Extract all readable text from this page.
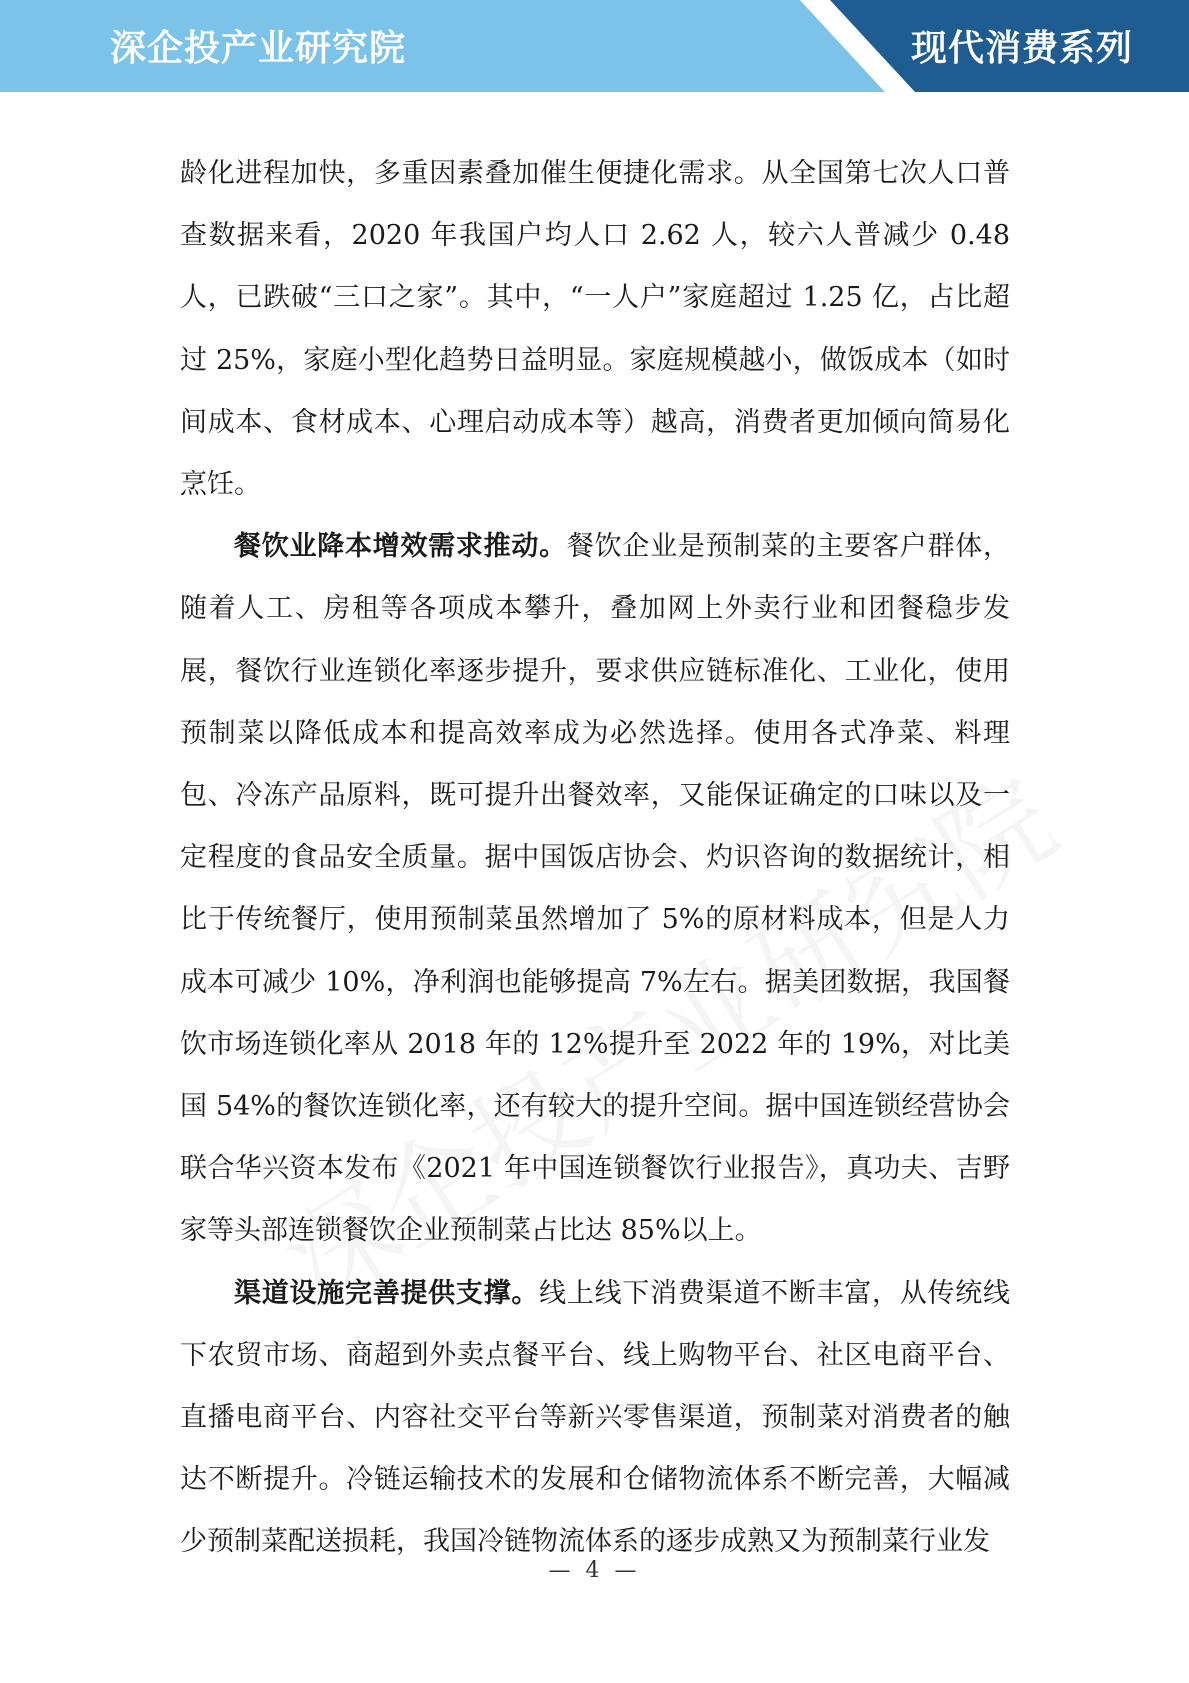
深企投产业研究院	现代消费系列

龄化进程加快，多重因素叠加催生便捷化需求。从全国第七次人口普查数据来看，2020 年我国户均人口 2.62 人，较六人普减少 0.48 人，已跌破“三口之家”。其中，“一人户”家庭超过 1.25 亿，占比超过 25%，家庭小型化趋势日益明显。家庭规模越小，做饭成本（如时间成本、食材成本、心理启动成本等）越高，消费者更加倾向简易化烹饪。

餐饮业降本增效需求推动。餐饮企业是预制菜的主要客户群体，随着人工、房租等各项成本攀升，叠加网上外卖行业和团餐稳步发展，餐饮行业连锁化率逐步提升，要求供应链标准化、工业化，使用预制菜以降低成本和提高效率成为必然选择。使用各式净菜、料理包、冷冻产品原料，既可提升出餐效率，又能保证确定的口味以及一定程度的食品安全质量。据中国饭店协会、灼识咨询的数据统计，相比于传统餐厅，使用预制菜虽然增加了 5%的原材料成本，但是人力成本可减少 10%，净利润也能够提高 7%左右。据美团数据，我国餐饮市场连锁化率从 2018 年的 12%提升至 2022 年的 19%，对比美国 54%的餐饮连锁化率，还有较大的提升空间。据中国连锁经营协会联合华兴资本发布《2021 年中国连锁餐饮行业报告》，真功夫、吉野家等头部连锁餐饮企业预制菜占比达 85%以上。

渠道设施完善提供支撑。线上线下消费渠道不断丰富，从传统线下农贸市场、商超到外卖点餐平台、线上购物平台、社区电商平台、直播电商平台、内容社交平台等新兴零售渠道，预制菜对消费者的触达不断提升。冷链运输技术的发展和仓储物流体系不断完善，大幅减少预制菜配送损耗，我国冷链物流体系的逐步成熟又为预制菜行业发

— 4 —
